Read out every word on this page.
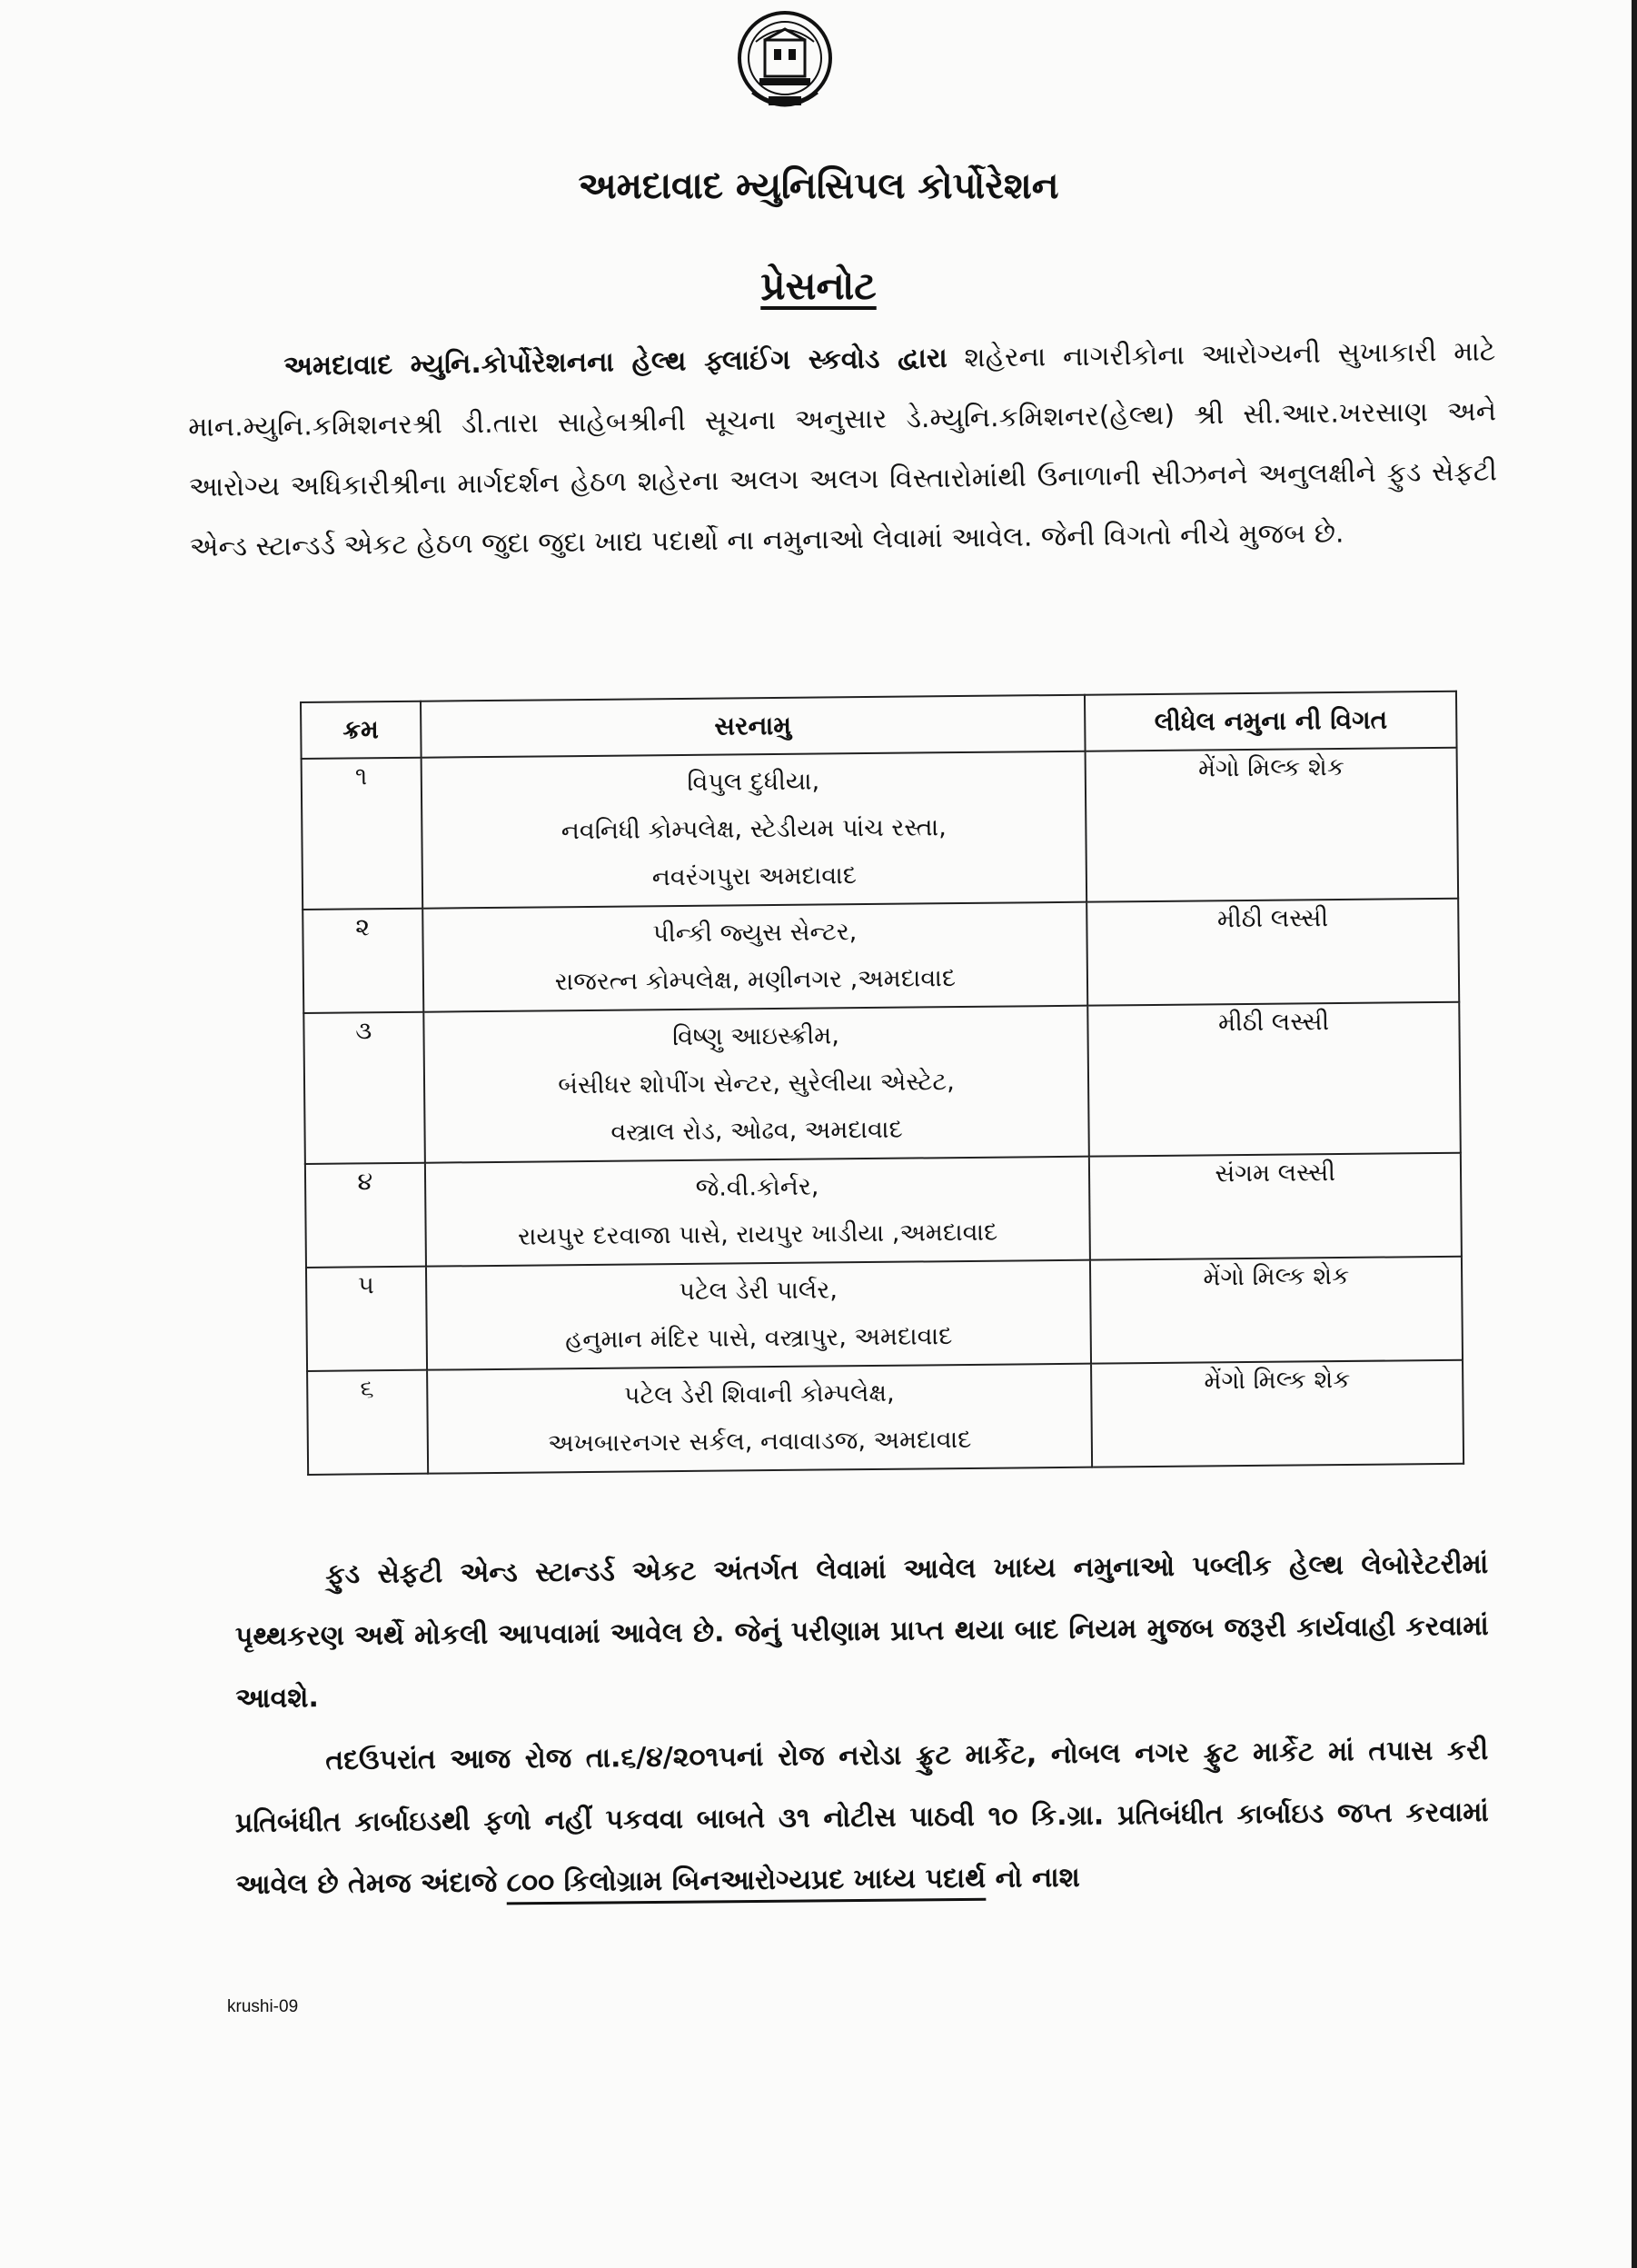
અમદાવાદ મ્યુનિસિપલ કોર્પોરેશન
પ્રેસનોટ
અમદાવાદ મ્યુનિ.કોર્પોરેશનના હેલ્થ ફ્લાઈંગ સ્કવોડ દ્વારા શહેરના નાગરીકોના આરોગ્યની સુખાકારી માટે માન.મ્યુનિ.કમિશનરશ્રી ડી.તારા સાહેબશ્રીની સૂચના અનુસાર ડે.મ્યુનિ.કમિશનર(હેલ્થ) શ્રી સી.આર.ખરસાણ અને આરોગ્ય અધિકારીશ્રીના માર્ગદર્શન હેઠળ શહેરના અલગ અલગ વિસ્તારોમાંથી ઉનાળાની સીઝનને અનુલક્ષીને ફુડ સેફટી એન્ડ સ્ટાન્ડર્ડ એકટ હેઠળ જુદા જુદા ખાદ્ય પદાર્થો ના નમુનાઓ લેવામાં આવેલ. જેની વિગતો નીચે મુજબ છે.
ક્રમ	સરનામુ	લીધેલ નમુના ની વિગત
૧	વિપુલ દુધીયા,
નવનિધી કોમ્પલેક્ષ, સ્ટેડીયમ પાંચ રસ્તા,
નવરંગપુરા અમદાવાદ	મેંગો મિલ્ક શેક
૨	પીન્કી જ્યુસ સેન્ટર,
રાજરત્ન કોમ્પલેક્ષ, મણીનગર ,અમદાવાદ	મીઠી લસ્સી
૩	વિષ્ણુ આઇસ્ક્રીમ,
બંસીધર શોપીંગ સેન્ટર, સુરેલીયા એસ્ટેટ,
વસ્ત્રાલ રોડ, ઓઢવ, અમદાવાદ	મીઠી લસ્સી
૪	જે.વી.કોર્નર,
રાયપુર દરવાજા પાસે, રાયપુર ખાડીયા ,અમદાવાદ	સંગમ લસ્સી
૫	પટેલ ડેરી પાર્લર,
હનુમાન મંદિર પાસે, વસ્ત્રાપુર, અમદાવાદ	મેંગો મિલ્ક શેક
૬	પટેલ ડેરી શિવાની કોમ્પલેક્ષ,
અખબારનગર સર્કલ, નવાવાડજ, અમદાવાદ	મેંગો મિલ્ક શેક
ફુડ સેફટી એન્ડ સ્ટાન્ડર્ડ એકટ અંતર્ગત લેવામાં આવેલ ખાધ્ય નમુનાઓ પબ્લીક હેલ્થ લેબોરેટરીમાં પૃથ્થકરણ અર્થે મોકલી આપવામાં આવેલ છે. જેનું પરીણામ પ્રાપ્ત થયા બાદ નિયમ મુજબ જરૂરી કાર્યવાહી કરવામાં આવશે.
તદઉપરાંત આજ રોજ તા.૬/૪/૨૦૧૫નાં રોજ નરોડા ફ્રુટ માર્કેટ, નોબલ નગર ફ્રુટ માર્કેટ માં તપાસ કરી પ્રતિબંધીત કાર્બાઇડથી ફળો નહીં પકવવા બાબતે ૩૧ નોટીસ પાઠવી ૧૦ કિ.ગ્રા. પ્રતિબંધીત કાર્બાઇડ જપ્ત કરવામાં આવેલ છે તેમજ અંદાજે ૮૦૦ કિલોગ્રામ બિનઆરોગ્યપ્રદ ખાધ્ય પદાર્થ નો નાશ
krushi-09
